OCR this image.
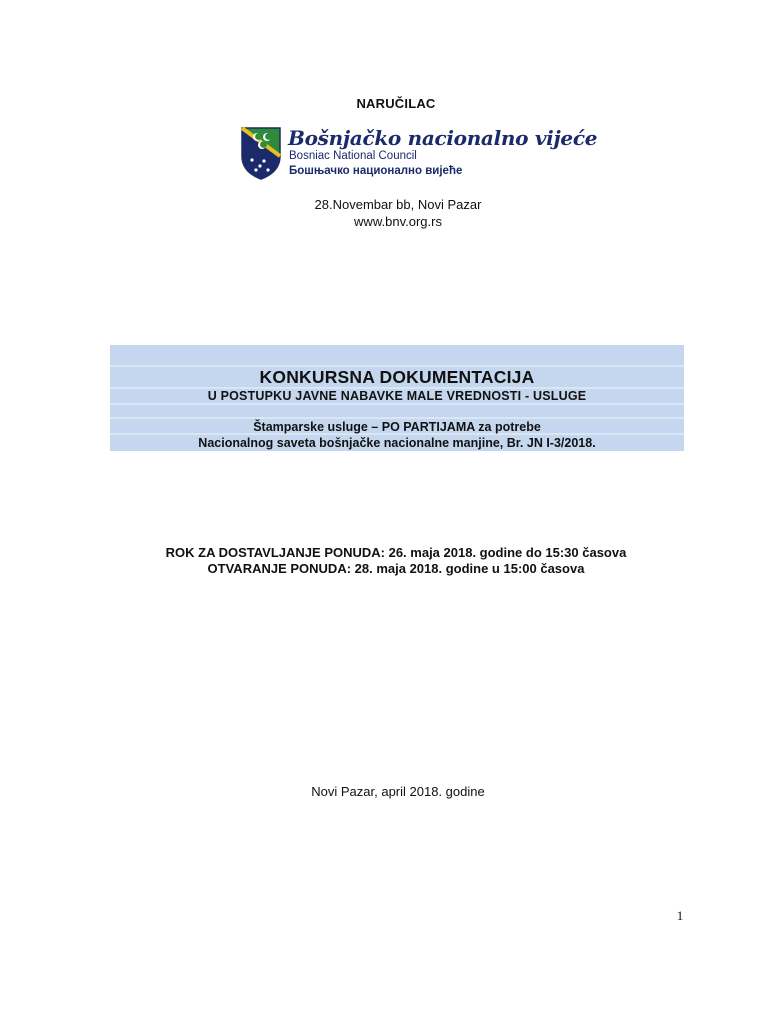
NARUČILAC
Bošnjačko nacionalno vijeće
Bosniac National Council
Бошњачко национално вијеће
28.Novembar bb, Novi Pazar
www.bnv.org.rs
KONKURSNA DOKUMENTACIJA
U POSTUPKU JAVNE NABAVKE MALE VREDNOSTI - USLUGE
Štamparske usluge – PO PARTIJAMA za potrebe
Nacionalnog saveta bošnjačke nacionalne manjine, Br. JN I-3/2018.
ROK ZA DOSTAVLJANJE PONUDA: 26. maja 2018. godine do 15:30 časova
OTVARANJE PONUDA: 28. maja 2018. godine u 15:00 časova
Novi Pazar, april 2018. godine
1
